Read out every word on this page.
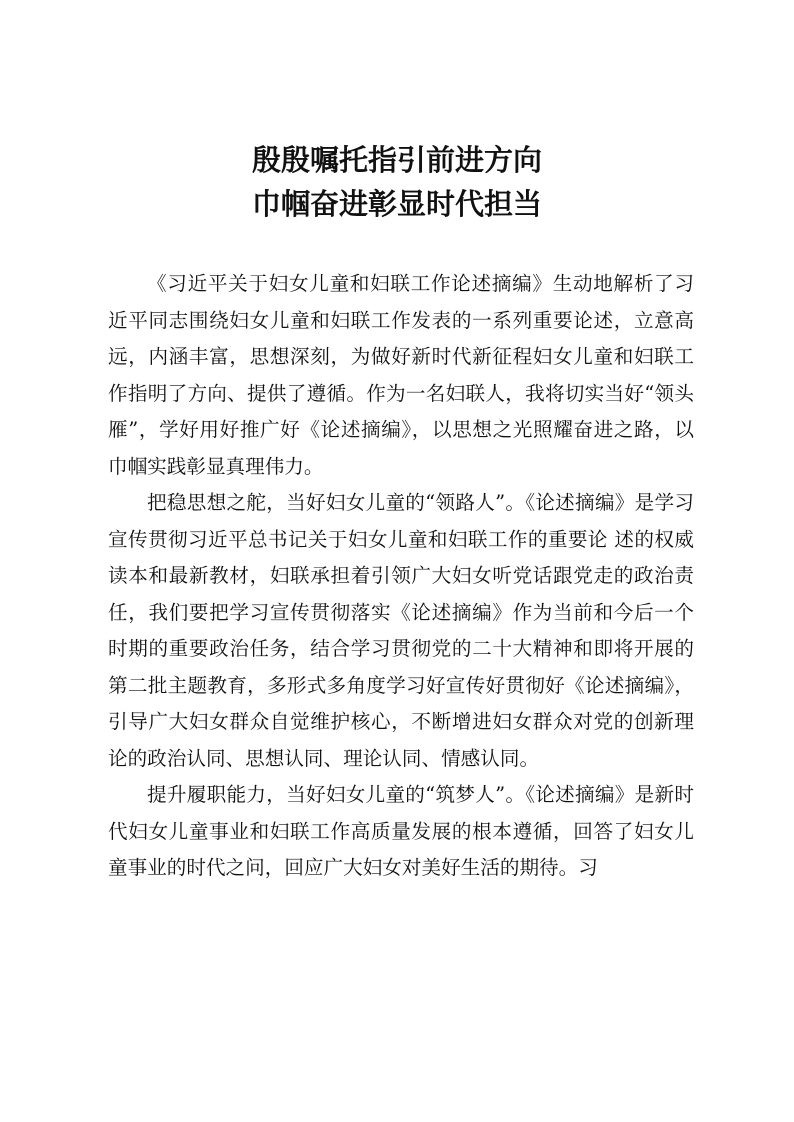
殷殷嘱托指引前进方向
巾帼奋进彰显时代担当

《习近平关于妇女儿童和妇联工作论述摘编》生动地解析了习近平同志围绕妇女儿童和妇联工作发表的一系列重要论述，立意高远，内涵丰富，思想深刻，为做好新时代新征程妇女儿童和妇联工作指明了方向、提供了遵循。作为一名妇联人，我将切实当好“领头雁”，学好用好推广好《论述摘编》，以思想之光照耀奋进之路，以巾帼实践彰显真理伟力。

把稳思想之舵，当好妇女儿童的“领路人”。《论述摘编》是学习宣传贯彻习近平总书记关于妇女儿童和妇联工作的重要论 述的权威读本和最新教材，妇联承担着引领广大妇女听党话跟党走的政治责任，我们要把学习宣传贯彻落实《论述摘编》作为当前和今后一个时期的重要政治任务，结合学习贯彻党的二十大精神和即将开展的第二批主题教育，多形式多角度学习好宣传好贯彻好《论述摘编》，引导广大妇女群众自觉维护核心，不断增进妇女群众对党的创新理论的政治认同、思想认同、理论认同、情感认同。

提升履职能力，当好妇女儿童的“筑梦人”。《论述摘编》是新时代妇女儿童事业和妇联工作高质量发展的根本遵循，回答了妇女儿童事业的时代之问，回应广大妇女对美好生活的期待。习
